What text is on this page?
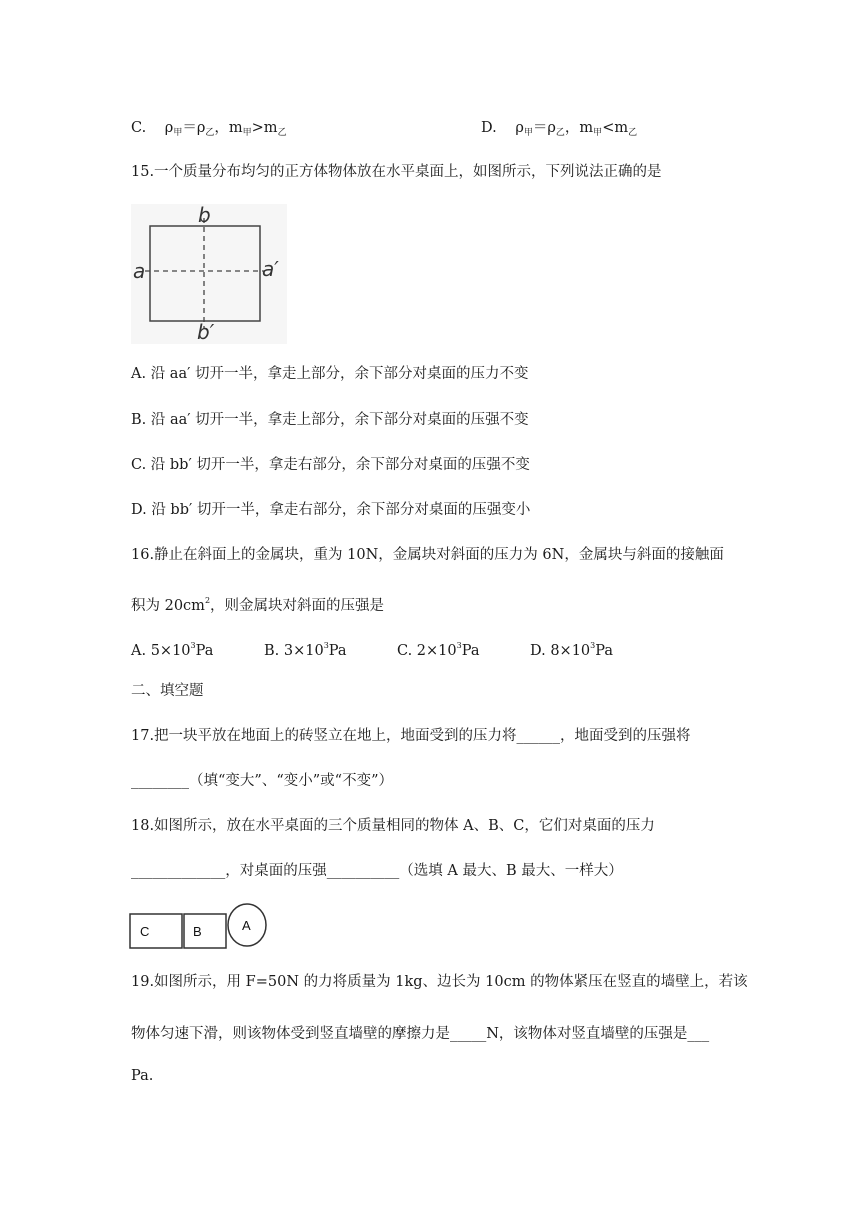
C. $\rho_甲=\rho_乙$，$m_甲>m_乙$	D. $\rho_甲=\rho_乙$，$m_甲<m_乙$
15.一个质量分布均匀的正方体物体放在水平桌面上，如图所示，下列说法正确的是
b
b′
a	a′
A. 沿 aa′ 切开一半，拿走上部分，余下部分对桌面的压力不变
B. 沿 aa′ 切开一半，拿走上部分，余下部分对桌面的压强不变
C. 沿 bb′ 切开一半，拿走右部分，余下部分对桌面的压强不变
D. 沿 bb′ 切开一半，拿走右部分，余下部分对桌面的压强变小
16.静止在斜面上的金属块，重为 10N，金属块对斜面的压力为 6N，金属块与斜面的接触面
积为 $20cm^2$，则金属块对斜面的压强是
A. $5\times 10^3Pa$	B. $3\times 10^3Pa$	C. $2\times 10^3Pa$	D. $8\times 10^3Pa$
二、填空题
17.把一块平放在地面上的砖竖立在地上，地面受到的压力将______，地面受到的压强将
________（填“变大”、“变小”或“不变”）
18.如图所示，放在水平桌面的三个质量相同的物体 A、B、C，它们对桌面的压力
_____________，对桌面的压强__________（选填 A 最大、B 最大、一样大）
C	B	A
19.如图所示，用 F=50N 的力将质量为 1kg、边长为 10cm 的物体紧压在竖直的墙壁上，若该
物体匀速下滑，则该物体受到竖直墙壁的摩擦力是_____N，该物体对竖直墙壁的压强是___
Pa.
